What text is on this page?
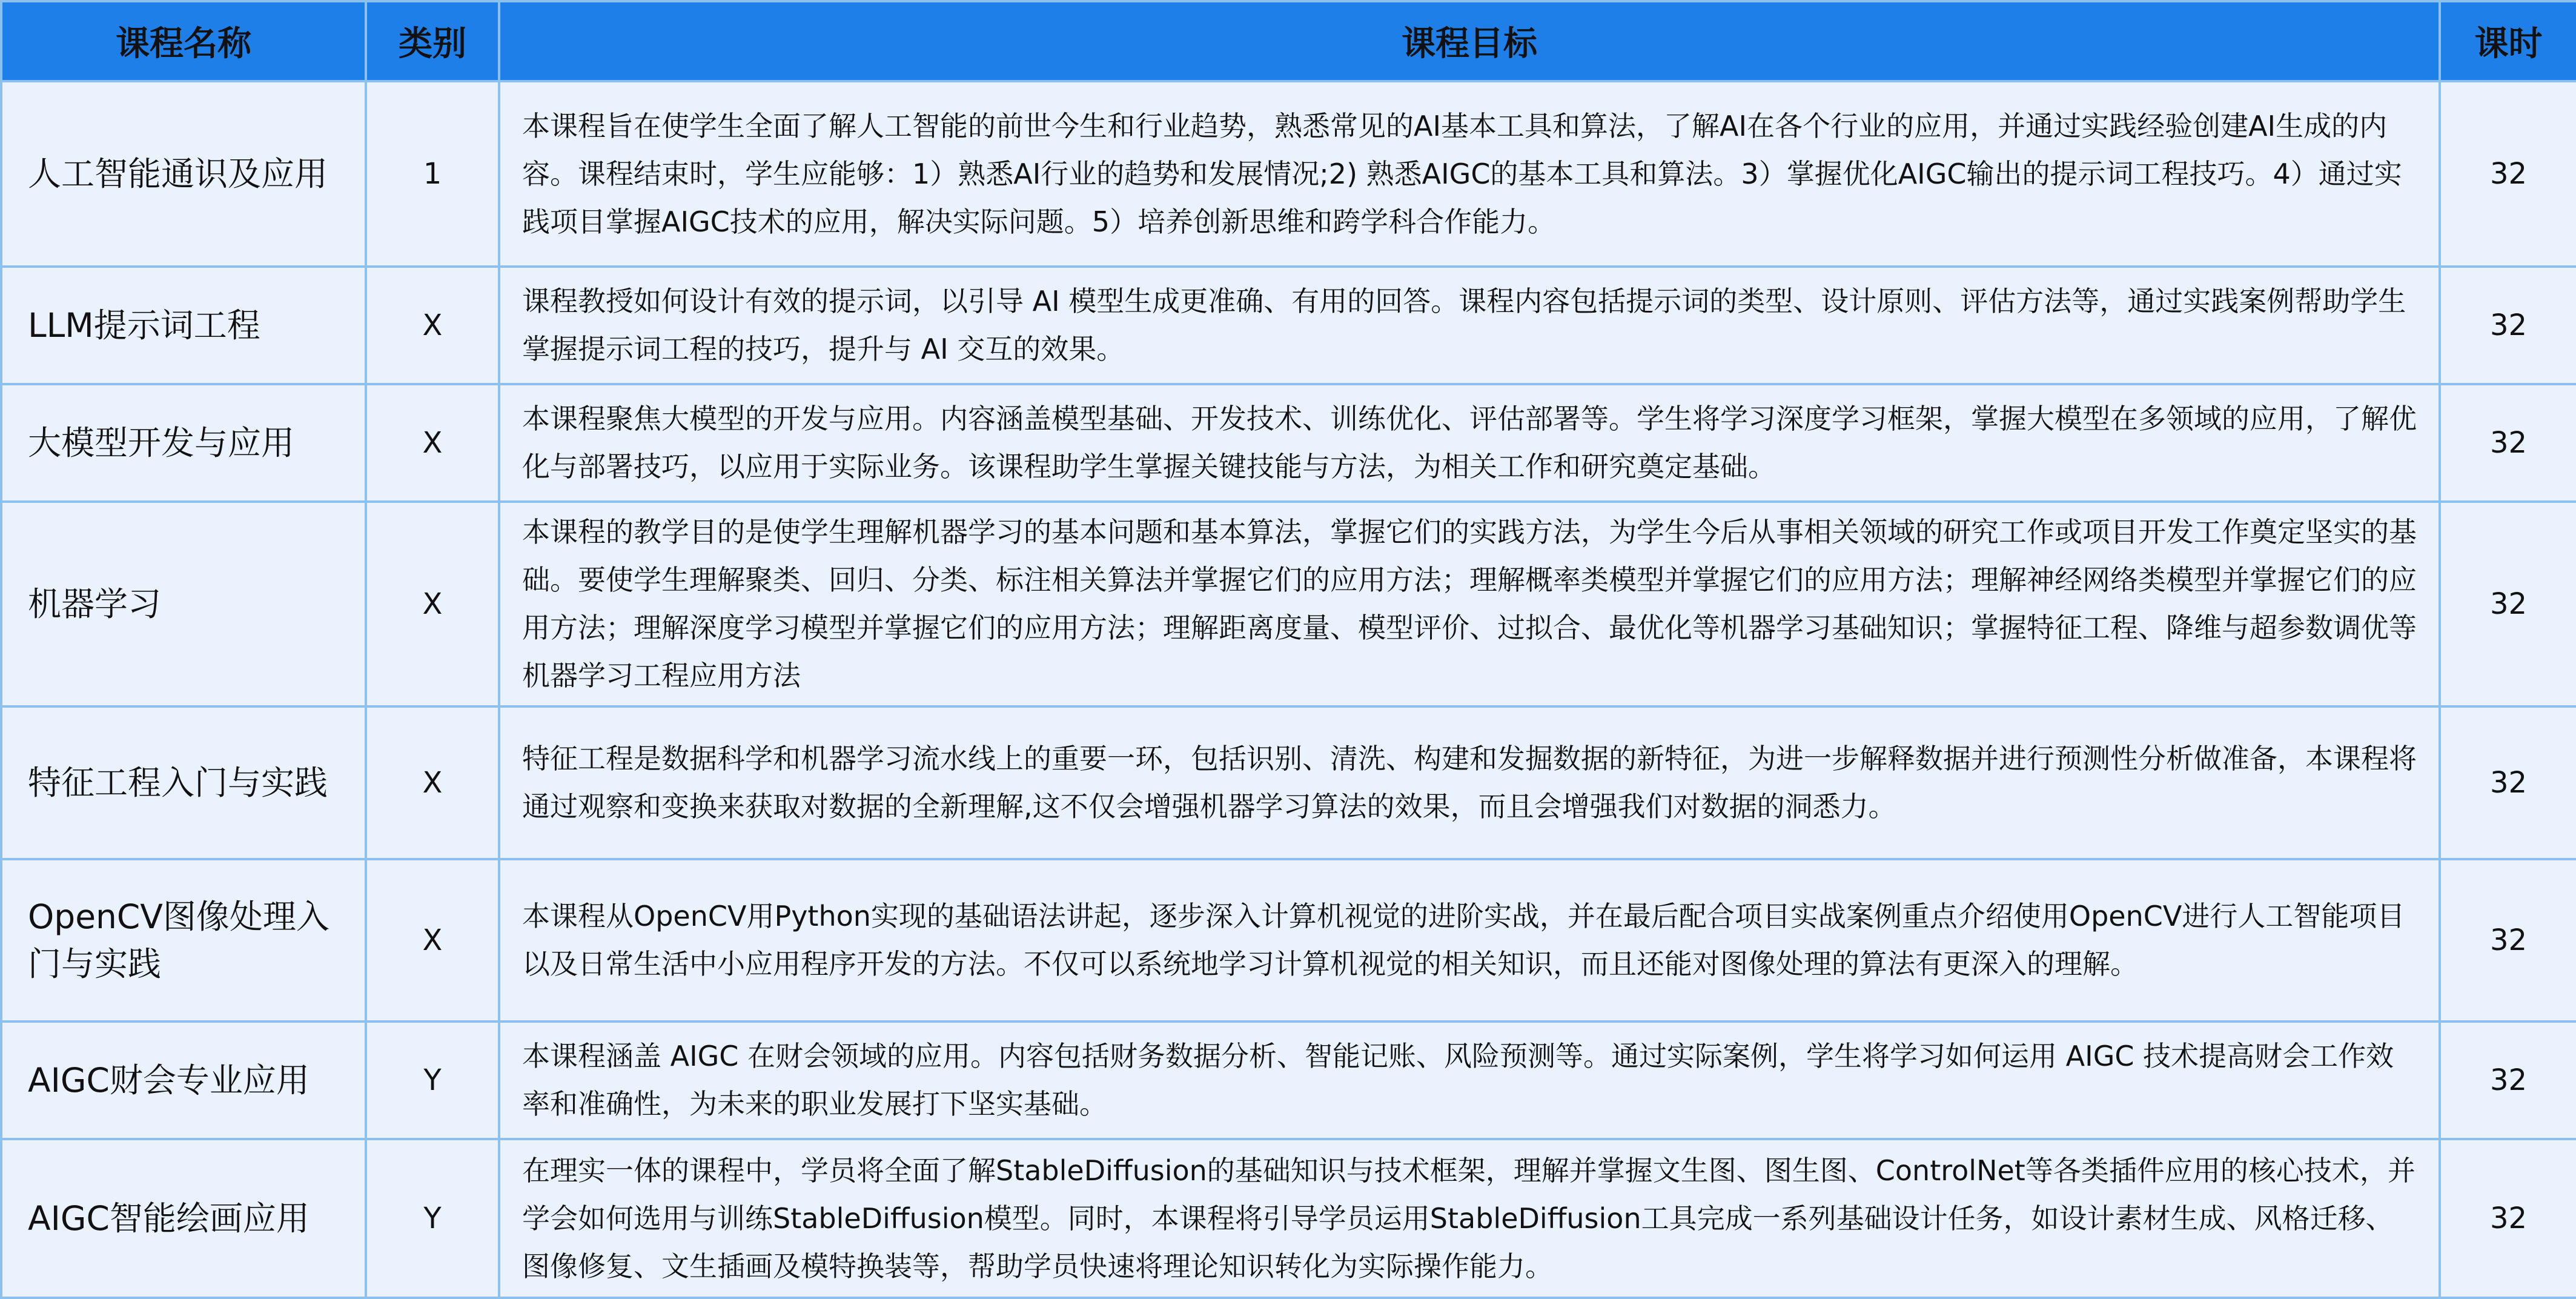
课程名称	类别	课程目标	课时
人工智能通识及应用	1	本课程旨在使学生全面了解人工智能的前世今生和行业趋势，熟悉常见的AI基本工具和算法，了解AI在各个行业的应用，并通过实践经验创建AI生成的内容。课程结束时，学生应能够：1）熟悉AI行业的趋势和发展情况;2) 熟悉AIGC的基本工具和算法。3）掌握优化AIGC输出的提示词工程技巧。4）通过实践项目掌握AIGC技术的应用，解决实际问题。5）培养创新思维和跨学科合作能力。	32
LLM提示词工程	X	课程教授如何设计有效的提示词，以引导 AI 模型生成更准确、有用的回答。课程内容包括提示词的类型、设计原则、评估方法等，通过实践案例帮助学生掌握提示词工程的技巧，提升与 AI 交互的效果。	32
大模型开发与应用	X	本课程聚焦大模型的开发与应用。内容涵盖模型基础、开发技术、训练优化、评估部署等。学生将学习深度学习框架，掌握大模型在多领域的应用，了解优化与部署技巧，以应用于实际业务。该课程助学生掌握关键技能与方法，为相关工作和研究奠定基础。	32
机器学习	X	本课程的教学目的是使学生理解机器学习的基本问题和基本算法，掌握它们的实践方法，为学生今后从事相关领域的研究工作或项目开发工作奠定坚实的基础。要使学生理解聚类、回归、分类、标注相关算法并掌握它们的应用方法；理解概率类模型并掌握它们的应用方法；理解神经网络类模型并掌握它们的应用方法；理解深度学习模型并掌握它们的应用方法；理解距离度量、模型评价、过拟合、最优化等机器学习基础知识；掌握特征工程、降维与超参数调优等机器学习工程应用方法	32
特征工程入门与实践	X	特征工程是数据科学和机器学习流水线上的重要一环，包括识别、清洗、构建和发掘数据的新特征，为进一步解释数据并进行预测性分析做准备，本课程将通过观察和变换来获取对数据的全新理解,这不仅会增强机器学习算法的效果，而且会增强我们对数据的洞悉力。	32
OpenCV图像处理入门与实践	X	本课程从OpenCV用Python实现的基础语法讲起，逐步深入计算机视觉的进阶实战，并在最后配合项目实战案例重点介绍使用OpenCV进行人工智能项目以及日常生活中小应用程序开发的方法。不仅可以系统地学习计算机视觉的相关知识，而且还能对图像处理的算法有更深入的理解。	32
AIGC财会专业应用	Y	本课程涵盖 AIGC 在财会领域的应用。内容包括财务数据分析、智能记账、风险预测等。通过实际案例，学生将学习如何运用 AIGC 技术提高财会工作效率和准确性，为未来的职业发展打下坚实基础。	32
AIGC智能绘画应用	Y	在理实一体的课程中，学员将全面了解StableDiffusion的基础知识与技术框架，理解并掌握文生图、图生图、ControlNet等各类插件应用的核心技术，并学会如何选用与训练StableDiffusion模型。同时，本课程将引导学员运用StableDiffusion工具完成一系列基础设计任务，如设计素材生成、风格迁移、图像修复、文生插画及模特换装等，帮助学员快速将理论知识转化为实际操作能力。	32
